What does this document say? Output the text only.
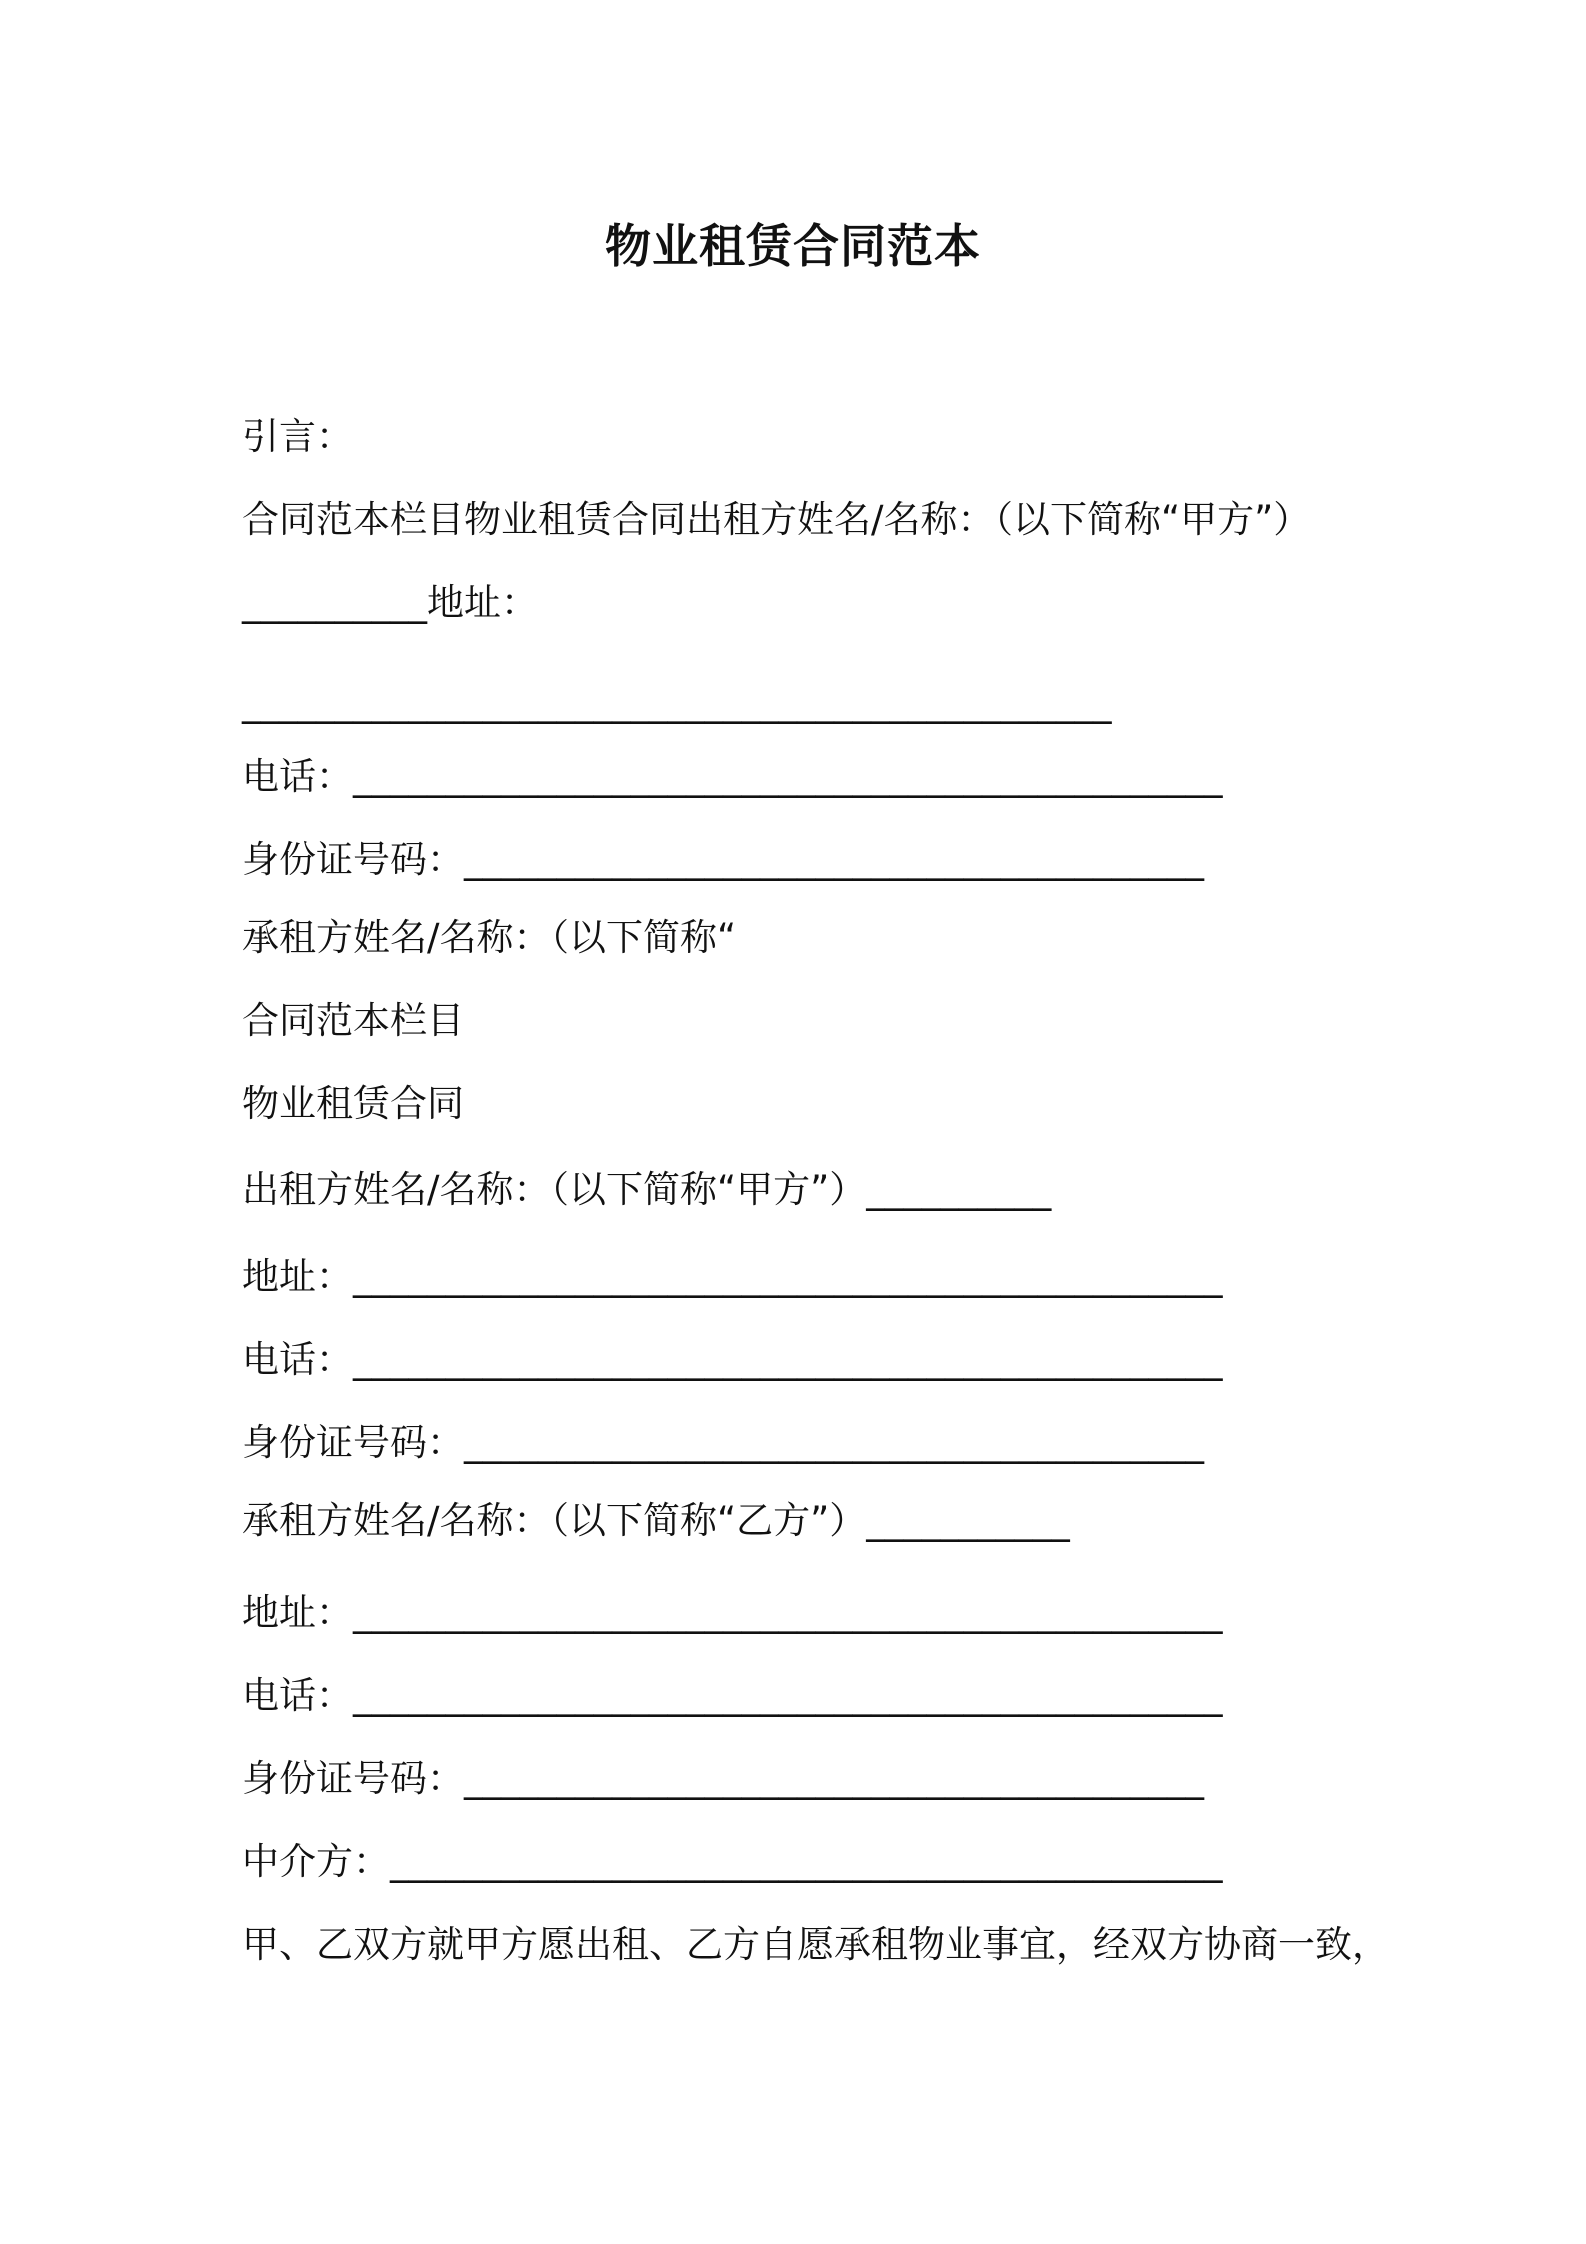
物业租赁合同范本
引言：
合同范本栏目物业租赁合同出租方姓名/名称：（以下简称“甲方”）
__________地址：
_______________________________________________
电话：_______________________________________________
身份证号码：________________________________________
承租方姓名/名称：（以下简称“
合同范本栏目
物业租赁合同
出租方姓名/名称：（以下简称“甲方”）__________
地址：_______________________________________________
电话：_______________________________________________
身份证号码：________________________________________
承租方姓名/名称：（以下简称“乙方”）___________
地址：_______________________________________________
电话：_______________________________________________
身份证号码：________________________________________
中介方：_____________________________________________
甲、乙双方就甲方愿出租、乙方自愿承租物业事宜，经双方协商一致，
